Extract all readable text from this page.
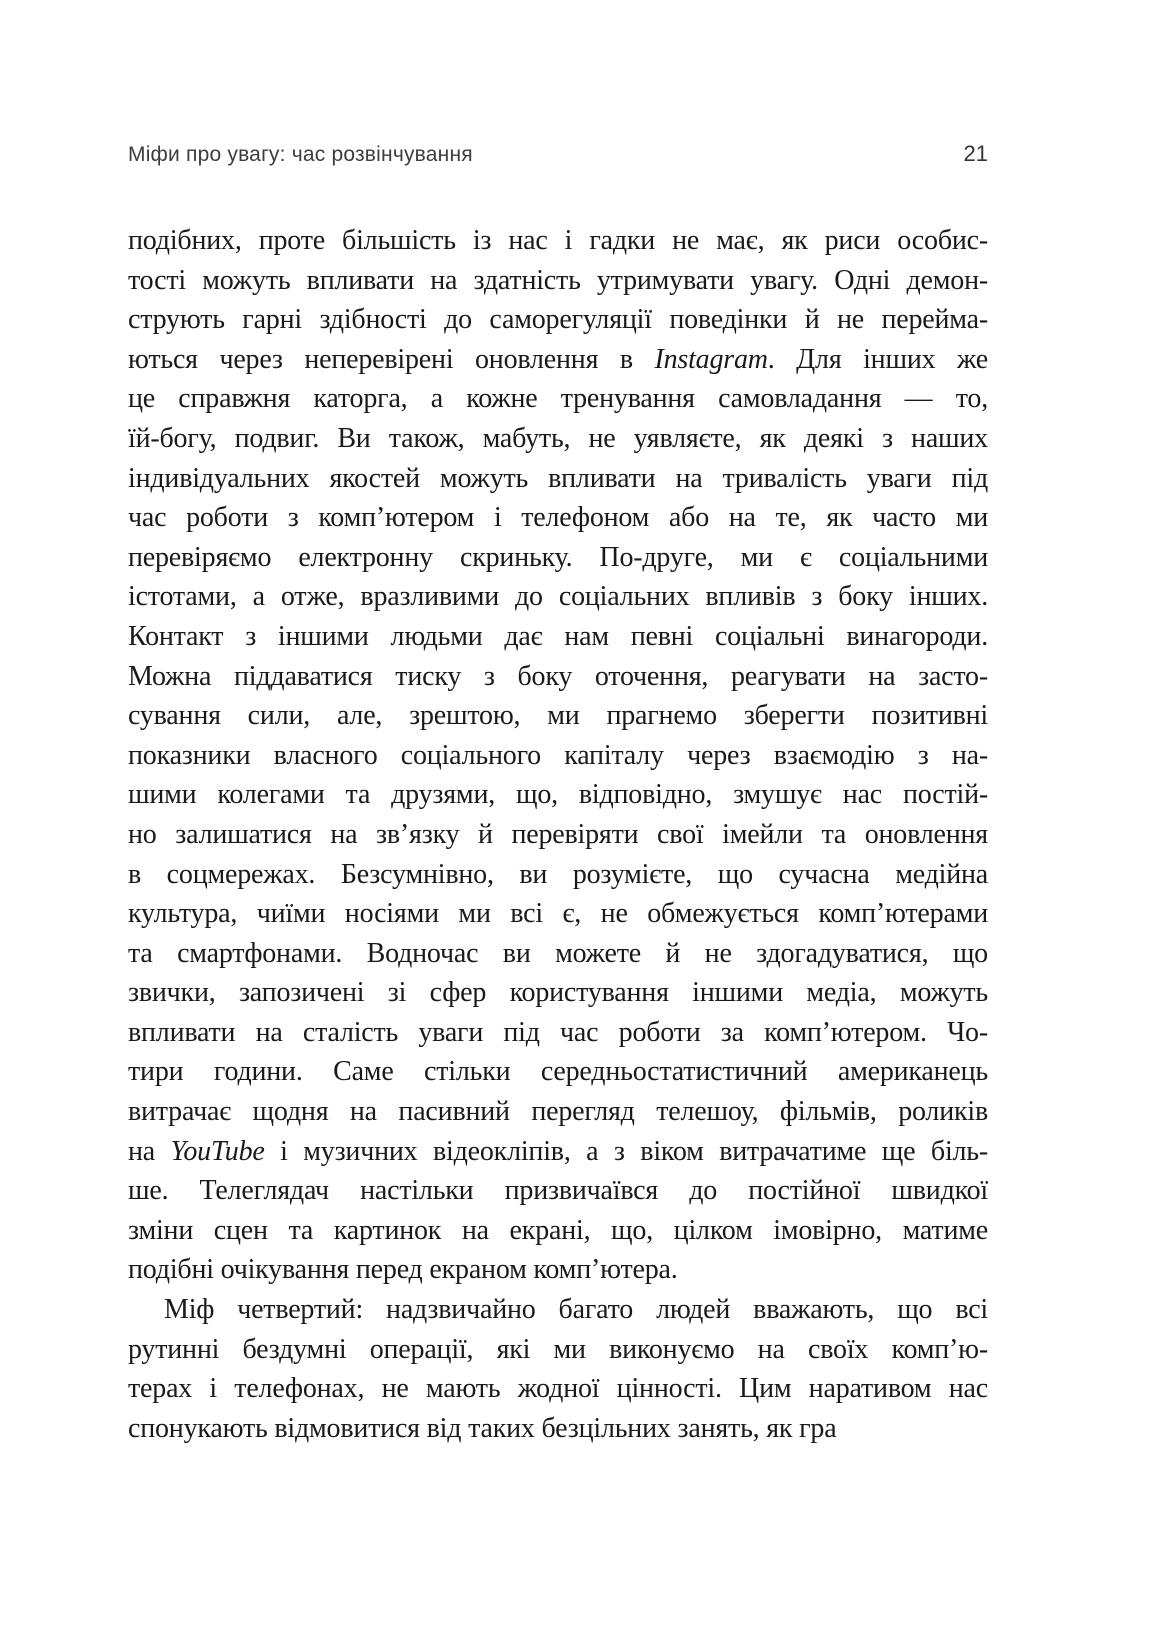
Міфи про увагу: час розвінчування	21
подібних, проте більшість із нас і гадки не має, як риси особис-
тості можуть впливати на здатність утримувати увагу. Одні демон-
струють гарні здібності до саморегуляції поведінки й не перейма-
ються через неперевірені оновлення в Instagram. Для інших же
це справжня каторга, а кожне тренування самовладання — то,
їй-богу, подвиг. Ви також, мабуть, не уявляєте, як деякі з наших
індивідуальних якостей можуть впливати на тривалість уваги під
час роботи з комп’ютером і телефоном або на те, як часто ми
перевіряємо електронну скриньку. По-друге, ми є соціальними
істотами, а отже, вразливими до соціальних впливів з боку інших.
Контакт з іншими людьми дає нам певні соціальні винагороди.
Можна піддаватися тиску з боку оточення, реагувати на засто-
сування сили, але, зрештою, ми прагнемо зберегти позитивні
показники власного соціального капіталу через взаємодію з на-
шими колегами та друзями, що, відповідно, змушує нас постій-
но залишатися на зв’язку й перевіряти свої імейли та оновлення
в соцмережах. Безсумнівно, ви розумієте, що сучасна медійна
культура, чиїми носіями ми всі є, не обмежується комп’ютерами
та смартфонами. Водночас ви можете й не здогадуватися, що
звички, запозичені зі сфер користування іншими медіа, можуть
впливати на сталість уваги під час роботи за комп’ютером. Чо-
тири години. Саме стільки середньостатистичний американець
витрачає щодня на пасивний перегляд телешоу, фільмів, роликів
на YouTube і музичних відеокліпів, а з віком витрачатиме ще біль-
ше. Телеглядач настільки призвичаївся до постійної швидкої
зміни сцен та картинок на екрані, що, цілком імовірно, матиме
подібні очікування перед екраном комп’ютера.
Міф четвертий: надзвичайно багато людей вважають, що всі
рутинні бездумні операції, які ми виконуємо на своїх комп’ю-
терах і телефонах, не мають жодної цінності. Цим наративом нас
спонукають відмовитися від таких безцільних занять, як гра
